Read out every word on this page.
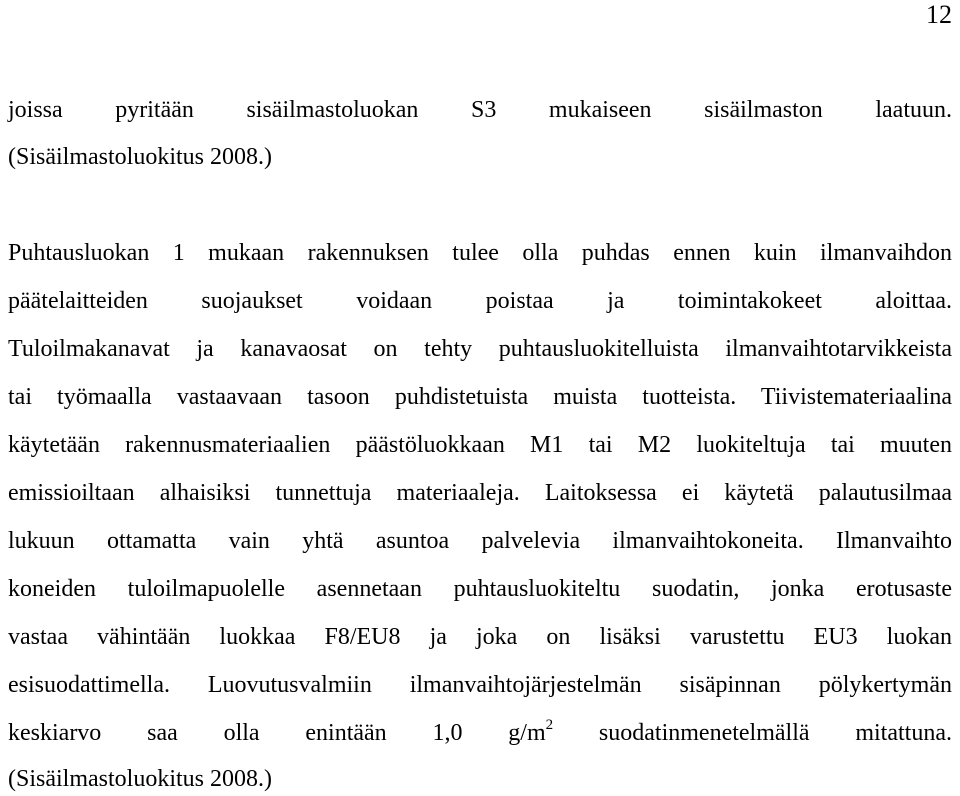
12
joissa pyritään sisäilmastoluokan S3 mukaiseen sisäilmaston laatuun.
(Sisäilmastoluokitus 2008.)
Puhtausluokan 1 mukaan rakennuksen tulee olla puhdas ennen kuin ilmanvaihdon
päätelaitteiden suojaukset voidaan poistaa ja toimintakokeet aloittaa.
Tuloilmakanavat ja kanavaosat on tehty puhtausluokitelluista ilmanvaihtotarvikkeista
tai työmaalla vastaavaan tasoon puhdistetuista muista tuotteista. Tiivistemateriaalina
käytetään rakennusmateriaalien päästöluokkaan M1 tai M2 luokiteltuja tai muuten
emissioiltaan alhaisiksi tunnettuja materiaaleja. Laitoksessa ei käytetä palautusilmaa
lukuun ottamatta vain yhtä asuntoa palvelevia ilmanvaihtokoneita. Ilmanvaihto
koneiden tuloilmapuolelle asennetaan puhtausluokiteltu suodatin, jonka erotusaste
vastaa vähintään luokkaa F8/EU8 ja joka on lisäksi varustettu EU3 luokan
esisuodattimella. Luovutusvalmiin ilmanvaihtojärjestelmän sisäpinnan pölykertymän
keskiarvo saa olla enintään 1,0 $g/m^2$ suodatinmenetelmällä mitattuna.
(Sisäilmastoluokitus 2008.)
